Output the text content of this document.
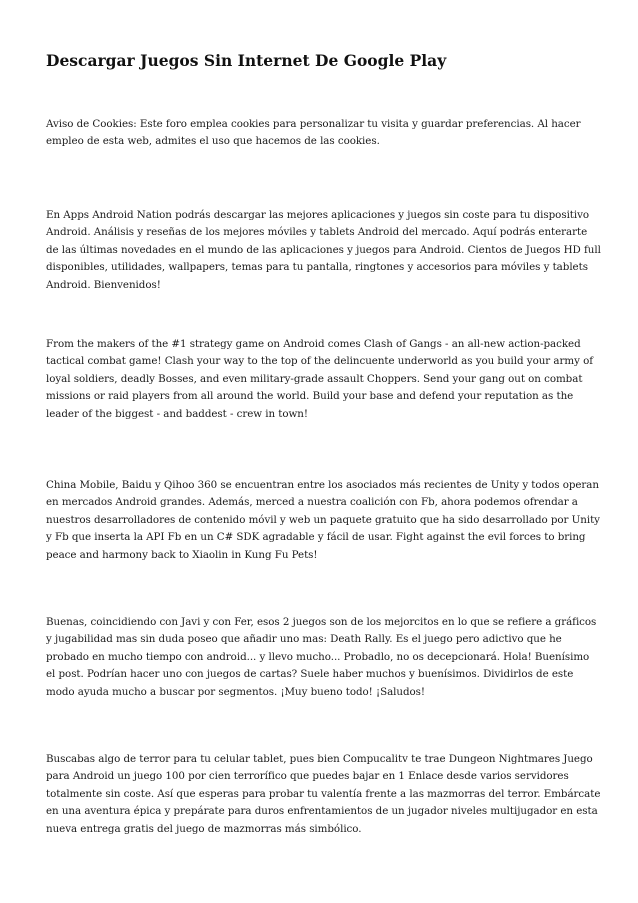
Descargar Juegos Sin Internet De Google Play

Aviso de Cookies: Este foro emplea cookies para personalizar tu visita y guardar preferencias. Al hacer empleo de esta web, admites el uso que hacemos de las cookies.

En Apps Android Nation podrás descargar las mejores aplicaciones y juegos sin coste para tu dispositivo Android. Análisis y reseñas de los mejores móviles y tablets Android del mercado. Aquí podrás enterarte de las últimas novedades en el mundo de las aplicaciones y juegos para Android. Cientos de Juegos HD full disponibles, utilidades, wallpapers, temas para tu pantalla, ringtones y accesorios para móviles y tablets Android. Bienvenidos!

From the makers of the #1 strategy game on Android comes Clash of Gangs - an all-new action-packed tactical combat game! Clash your way to the top of the delincuente underworld as you build your army of loyal soldiers, deadly Bosses, and even military-grade assault Choppers. Send your gang out on combat missions or raid players from all around the world. Build your base and defend your reputation as the leader of the biggest - and baddest - crew in town!

China Mobile, Baidu y Qihoo 360 se encuentran entre los asociados más recientes de Unity y todos operan en mercados Android grandes. Además, merced a nuestra coalición con Fb, ahora podemos ofrendar a nuestros desarrolladores de contenido móvil y web un paquete gratuito que ha sido desarrollado por Unity y Fb que inserta la API Fb en un C# SDK agradable y fácil de usar. Fight against the evil forces to bring peace and harmony back to Xiaolin in Kung Fu Pets!

Buenas, coincidiendo con Javi y con Fer, esos 2 juegos son de los mejorcitos en lo que se refiere a gráficos y jugabilidad mas sin duda poseo que añadir uno mas: Death Rally. Es el juego pero adictivo que he probado en mucho tiempo con android... y llevo mucho... Probadlo, no os decepcionará. Hola! Buenísimo el post. Podrían hacer uno con juegos de cartas? Suele haber muchos y buenísimos. Dividirlos de este modo ayuda mucho a buscar por segmentos. ¡Muy bueno todo! ¡Saludos!

Buscabas algo de terror para tu celular tablet, pues bien Compucalitv te trae Dungeon Nightmares Juego para Android un juego 100 por cien terrorífico que puedes bajar en 1 Enlace desde varios servidores totalmente sin coste. Así que esperas para probar tu valentía frente a las mazmorras del terror. Embárcate en una aventura épica y prepárate para duros enfrentamientos de un jugador niveles multijugador en esta nueva entrega gratis del juego de mazmorras más simbólico.
